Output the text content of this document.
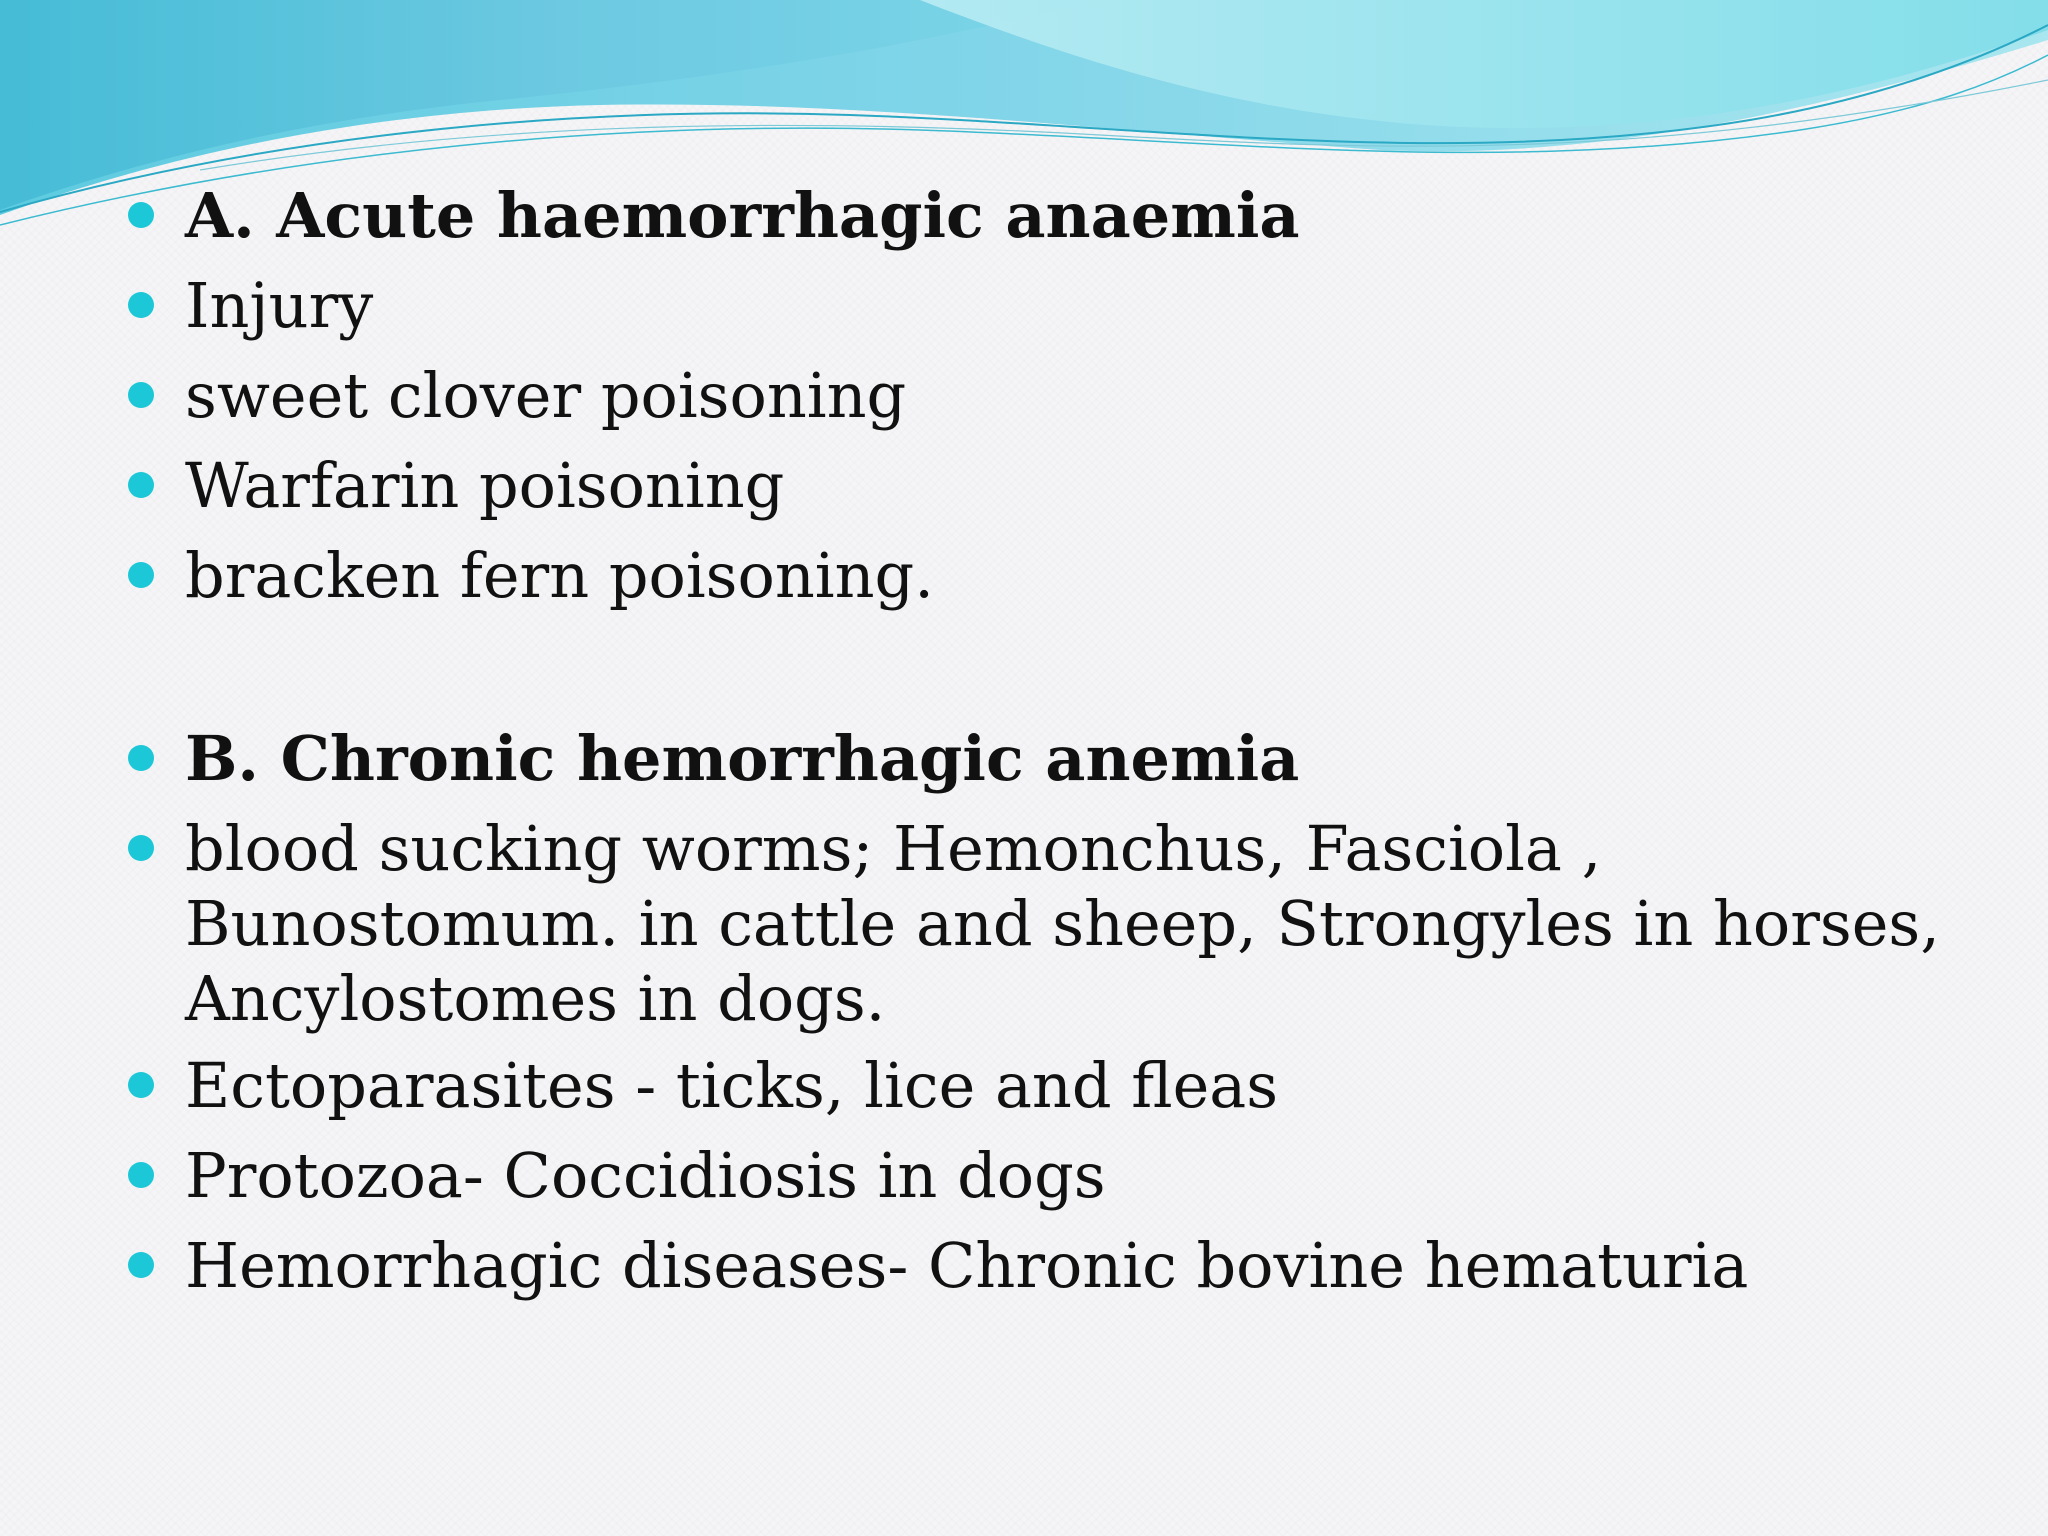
A. Acute haemorrhagic anaemia
Injury
sweet clover poisoning
Warfarin poisoning
bracken fern poisoning.
B. Chronic hemorrhagic anemia
blood sucking worms; Hemonchus, Fasciola , Bunostomum. in cattle and sheep, Strongyles in horses, Ancylostomes in dogs.
Ectoparasites - ticks, lice and fleas
Protozoa- Coccidiosis in dogs
Hemorrhagic diseases- Chronic bovine hematuria
